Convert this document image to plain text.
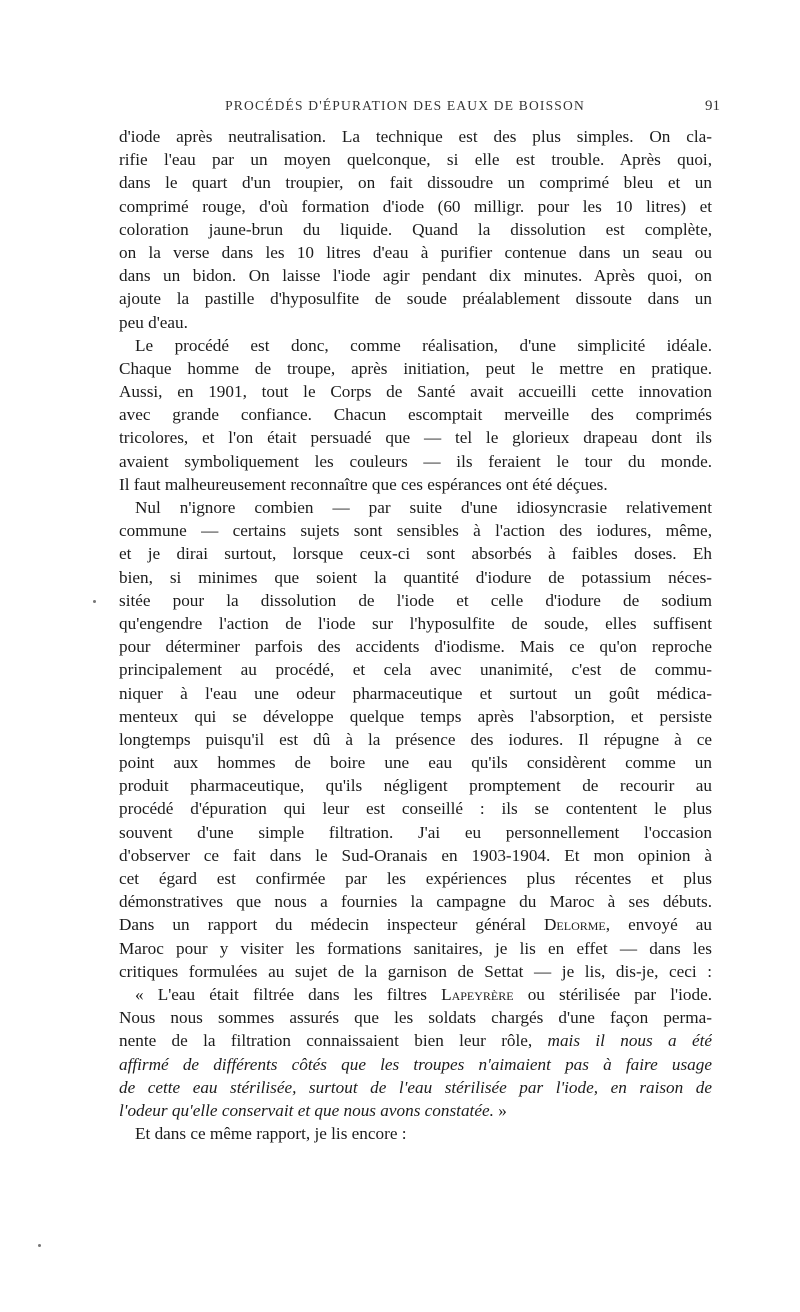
PROCÉDÉS D'ÉPURATION DES EAUX DE BOISSON	91
d'iode après neutralisation. La technique est des plus simples. On cla-
rifie l'eau par un moyen quelconque, si elle est trouble. Après quoi,
dans le quart d'un troupier, on fait dissoudre un comprimé bleu et un
comprimé rouge, d'où formation d'iode (60 milligr. pour les 10 litres) et
coloration jaune-brun du liquide. Quand la dissolution est complète,
on la verse dans les 10 litres d'eau à purifier contenue dans un seau ou
dans un bidon. On laisse l'iode agir pendant dix minutes. Après quoi, on
ajoute la pastille d'hyposulfite de soude préalablement dissoute dans un
peu d'eau.
Le procédé est donc, comme réalisation, d'une simplicité idéale.
Chaque homme de troupe, après initiation, peut le mettre en pratique.
Aussi, en 1901, tout le Corps de Santé avait accueilli cette innovation
avec grande confiance. Chacun escomptait merveille des comprimés
tricolores, et l'on était persuadé que — tel le glorieux drapeau dont ils
avaient symboliquement les couleurs — ils feraient le tour du monde.
Il faut malheureusement reconnaître que ces espérances ont été déçues.
Nul n'ignore combien — par suite d'une idiosyncrasie relativement
commune — certains sujets sont sensibles à l'action des iodures, même,
et je dirai surtout, lorsque ceux-ci sont absorbés à faibles doses. Eh
bien, si minimes que soient la quantité d'iodure de potassium néces-
sitée pour la dissolution de l'iode et celle d'iodure de sodium
qu'engendre l'action de l'iode sur l'hyposulfite de soude, elles suffisent
pour déterminer parfois des accidents d'iodisme. Mais ce qu'on reproche
principalement au procédé, et cela avec unanimité, c'est de commu-
niquer à l'eau une odeur pharmaceutique et surtout un goût médica-
menteux qui se développe quelque temps après l'absorption, et persiste
longtemps puisqu'il est dû à la présence des iodures. Il répugne à ce
point aux hommes de boire une eau qu'ils considèrent comme un
produit pharmaceutique, qu'ils négligent promptement de recourir au
procédé d'épuration qui leur est conseillé : ils se contentent le plus
souvent d'une simple filtration. J'ai eu personnellement l'occasion
d'observer ce fait dans le Sud-Oranais en 1903-1904. Et mon opinion à
cet égard est confirmée par les expériences plus récentes et plus
démonstratives que nous a fournies la campagne du Maroc à ses débuts.
Dans un rapport du médecin inspecteur général Delorme, envoyé au
Maroc pour y visiter les formations sanitaires, je lis en effet — dans les
critiques formulées au sujet de la garnison de Settat — je lis, dis-je, ceci :
« L'eau était filtrée dans les filtres Lapeyrère ou stérilisée par l'iode.
Nous nous sommes assurés que les soldats chargés d'une façon perma-
nente de la filtration connaissaient bien leur rôle, mais il nous a été
affirmé de différents côtés que les troupes n'aimaient pas à faire usage
de cette eau stérilisée, surtout de l'eau stérilisée par l'iode, en raison de
l'odeur qu'elle conservait et que nous avons constatée. »
Et dans ce même rapport, je lis encore :
